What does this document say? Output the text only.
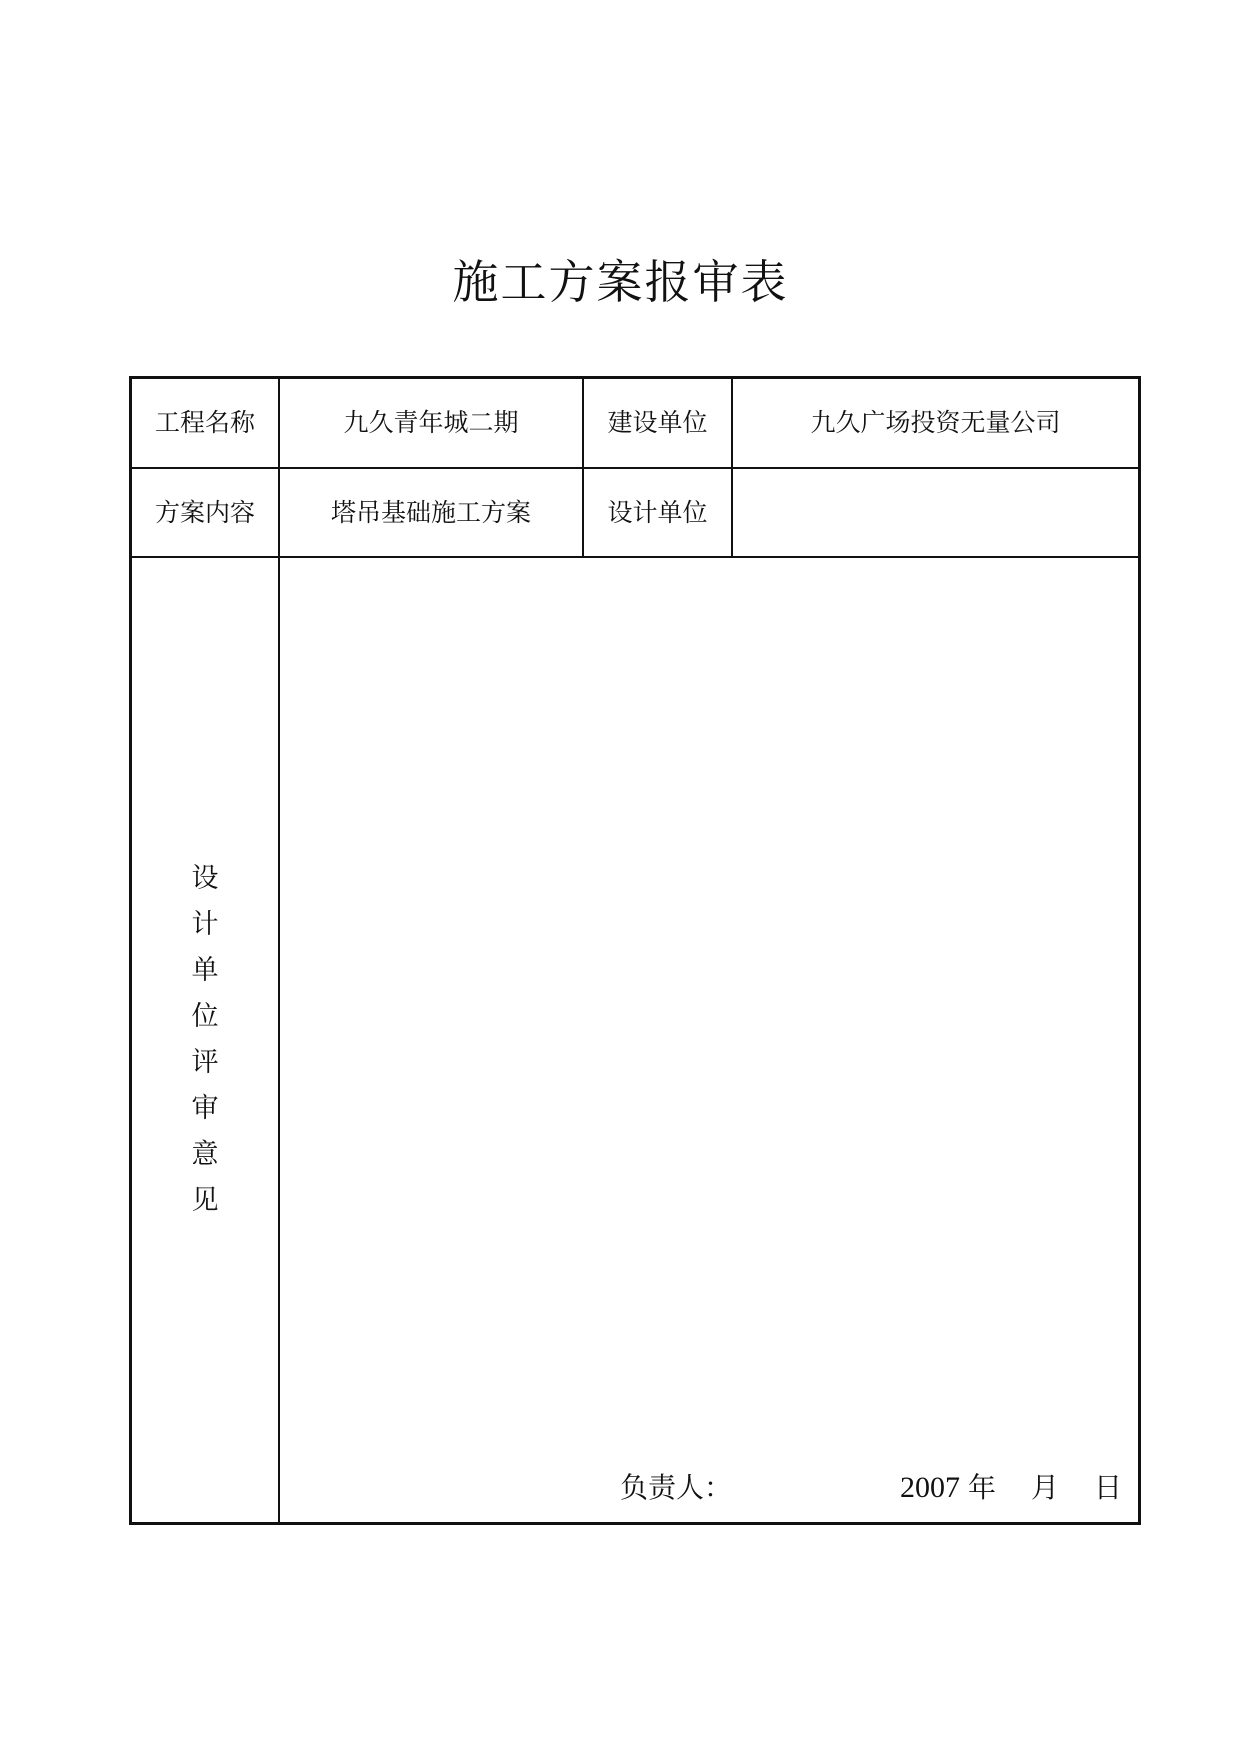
施工方案报审表
工程名称	九久青年城二期	建设单位	九久广场投资无量公司
方案内容	塔吊基础施工方案	设计单位
设
计
单
位
评
审
意
见
负责人：	2007 年 月 日
